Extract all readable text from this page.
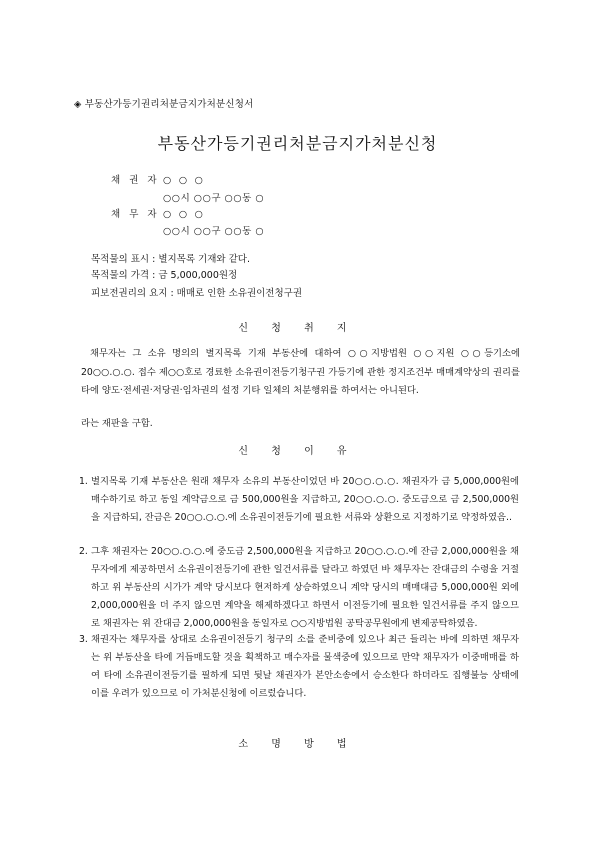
◈ 부동산가등기권리처분금지가처분신청서
부동산가등기권리처분금지가처분신청
채 권 자 ○  ○  ○
○○시 ○○구 ○○동 ○
채 무 자 ○  ○  ○
○○시 ○○구 ○○동 ○
목적물의 표시 : 별지목록 기재와 같다.
목적물의 가격 : 금 5,000,000원정
피보전권리의 요지 : 매매로 인한 소유권이전청구권
신 청 취 지
채무자는 그 소유 명의의 별지목록 기재 부동산에 대하여 ○○지방법원 ○○지원 ○○등기소에 20○○.○.○. 접수 제○○호로 경료한 소유권이전등기청구권 가등기에 관한 정지조건부 매매계약상의 권리를 타에 양도·전세권·저당권·임차권의 설정 기타 일체의 처분행위를 하여서는 아니된다.
라는 재판을 구함.
신 청 이 유
1. 별지목록 기재 부동산은 원래 채무자 소유의 부동산이었던 바 20○○.○.○. 채권자가 금 5,000,000원에 매수하기로 하고 동일 계약금으로 금 500,000원을 지급하고, 20○○.○.○. 중도금으로 금 2,500,000원을 지급하되, 잔금은 20○○.○.○.에 소유권이전등기에 필요한 서류와 상환으로 지정하기로 약정하였음..
2. 그후 채권자는 20○○.○.○.에 중도금 2,500,000원을 지급하고 20○○.○.○.에 잔금 2,000,000원을 채무자에게 제공하면서 소유권이전등기에 관한 일건서류를 달라고 하였던 바 채무자는 잔대금의 수령을 거절하고 위 부동산의 시가가 계약 당시보다 현저하게 상승하였으니 계약 당시의 매매대금 5,000,000원 외에 2,000,000원을 더 주지 않으면 계약을 해제하겠다고 하면서 이전등기에 필요한 일건서류를 주지 않으므로 채권자는 위 잔대금 2,000,000원을 동일자로 ○○지방법원 공탁공무원에게 변제공탁하였음.
3. 채권자는 채무자를 상대로 소유권이전등기 청구의 소를 준비중에 있으나 최근 들리는 바에 의하면 채무자는 위 부동산을 타에 거듭매도할 것을 획책하고 매수자를 물색중에 있으므로 만약 채무자가 이중매매를 하여 타에 소유권이전등기를 필하게 되면 뒷날 채권자가 본안소송에서 승소한다 하더라도 집행불능 상태에 이를 우려가 있으므로 이 가처분신청에 이르렀습니다.
소 명 방 법
